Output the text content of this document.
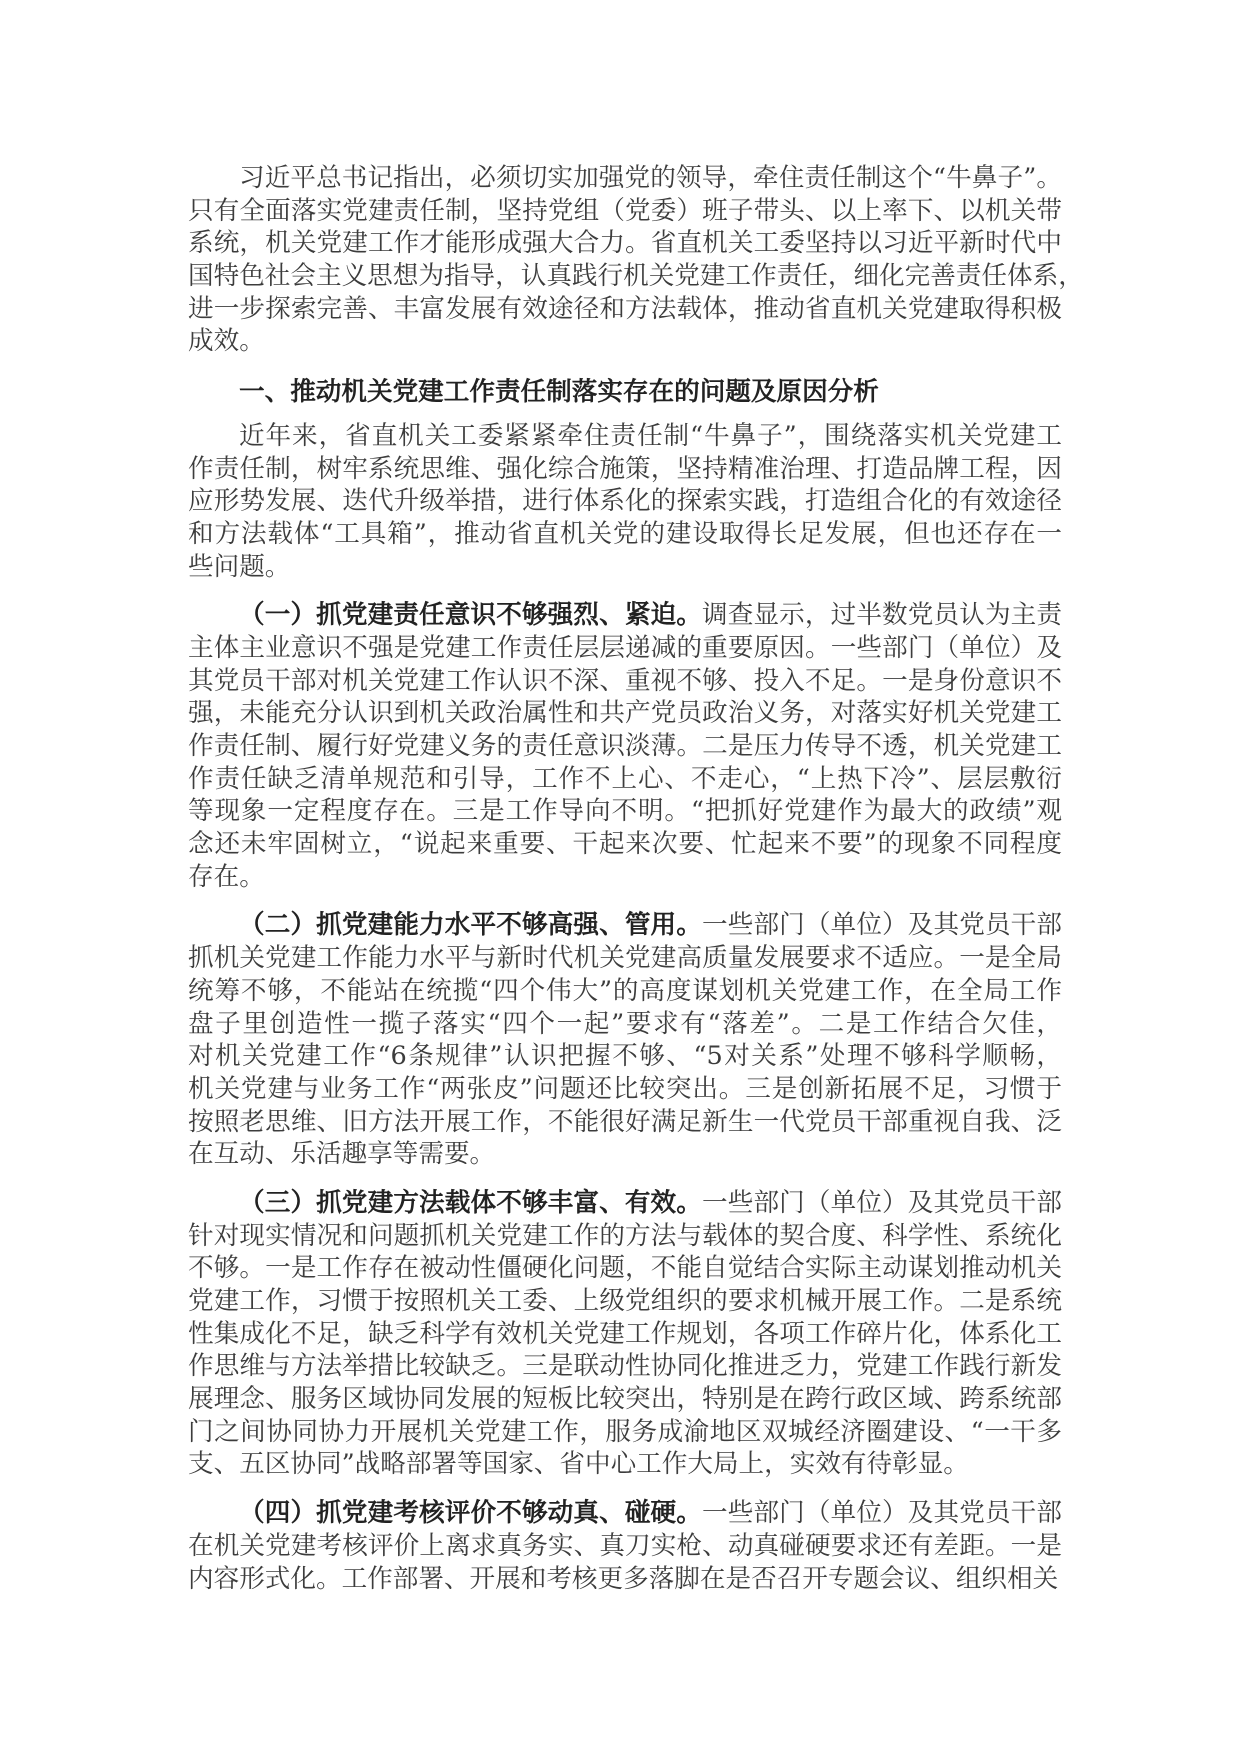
习近平总书记指出，必须切实加强党的领导，牵住责任制这个“牛鼻子”。
只有全面落实党建责任制，坚持党组（党委）班子带头、以上率下、以机关带
系统，机关党建工作才能形成强大合力。省直机关工委坚持以习近平新时代中
国特色社会主义思想为指导，认真践行机关党建工作责任，细化完善责任体系，
进一步探索完善、丰富发展有效途径和方法载体，推动省直机关党建取得积极
成效。
一、推动机关党建工作责任制落实存在的问题及原因分析
近年来，省直机关工委紧紧牵住责任制“牛鼻子”，围绕落实机关党建工
作责任制，树牢系统思维、强化综合施策，坚持精准治理、打造品牌工程，因
应形势发展、迭代升级举措，进行体系化的探索实践，打造组合化的有效途径
和方法载体“工具箱”，推动省直机关党的建设取得长足发展，但也还存在一
些问题。
（一）抓党建责任意识不够强烈、紧迫。调查显示，过半数党员认为主责
主体主业意识不强是党建工作责任层层递减的重要原因。一些部门（单位）及
其党员干部对机关党建工作认识不深、重视不够、投入不足。一是身份意识不
强，未能充分认识到机关政治属性和共产党员政治义务，对落实好机关党建工
作责任制、履行好党建义务的责任意识淡薄。二是压力传导不透，机关党建工
作责任缺乏清单规范和引导，工作不上心、不走心，“上热下冷”、层层敷衍
等现象一定程度存在。三是工作导向不明。“把抓好党建作为最大的政绩”观
念还未牢固树立，“说起来重要、干起来次要、忙起来不要”的现象不同程度
存在。
（二）抓党建能力水平不够高强、管用。一些部门（单位）及其党员干部
抓机关党建工作能力水平与新时代机关党建高质量发展要求不适应。一是全局
统筹不够，不能站在统揽“四个伟大”的高度谋划机关党建工作，在全局工作
盘子里创造性一揽子落实“四个一起”要求有“落差”。二是工作结合欠佳，
对机关党建工作“6条规律”认识把握不够、“5对关系”处理不够科学顺畅，
机关党建与业务工作“两张皮”问题还比较突出。三是创新拓展不足，习惯于
按照老思维、旧方法开展工作，不能很好满足新生一代党员干部重视自我、泛
在互动、乐活趣享等需要。
（三）抓党建方法载体不够丰富、有效。一些部门（单位）及其党员干部
针对现实情况和问题抓机关党建工作的方法与载体的契合度、科学性、系统化
不够。一是工作存在被动性僵硬化问题，不能自觉结合实际主动谋划推动机关
党建工作，习惯于按照机关工委、上级党组织的要求机械开展工作。二是系统
性集成化不足，缺乏科学有效机关党建工作规划，各项工作碎片化，体系化工
作思维与方法举措比较缺乏。三是联动性协同化推进乏力，党建工作践行新发
展理念、服务区域协同发展的短板比较突出，特别是在跨行政区域、跨系统部
门之间协同协力开展机关党建工作，服务成渝地区双城经济圈建设、“一干多
支、五区协同”战略部署等国家、省中心工作大局上，实效有待彰显。
（四）抓党建考核评价不够动真、碰硬。一些部门（单位）及其党员干部
在机关党建考核评价上离求真务实、真刀实枪、动真碰硬要求还有差距。一是
内容形式化。工作部署、开展和考核更多落脚在是否召开专题会议、组织相关
